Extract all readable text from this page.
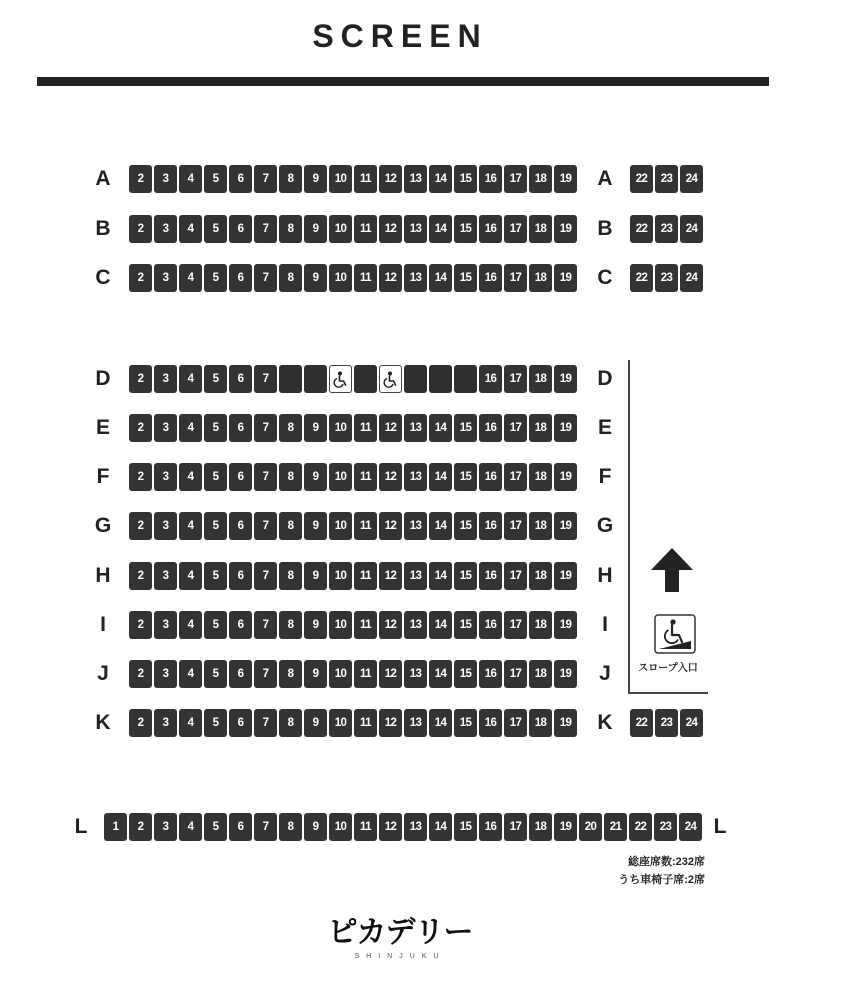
SCREEN
A	A
2	3	4	5	6	7	8	9	10	11	12	13	14	15	16	17	18	19	22	23	24
B	B
2	3	4	5	6	7	8	9	10	11	12	13	14	15	16	17	18	19	22	23	24
C	C
2	3	4	5	6	7	8	9	10	11	12	13	14	15	16	17	18	19	22	23	24
D	D
2	3	4	5	6	7	16	17	18	19
E	E
2	3	4	5	6	7	8	9	10	11	12	13	14	15	16	17	18	19
F	F
2	3	4	5	6	7	8	9	10	11	12	13	14	15	16	17	18	19
G	G
2	3	4	5	6	7	8	9	10	11	12	13	14	15	16	17	18	19
H	H
2	3	4	5	6	7	8	9	10	11	12	13	14	15	16	17	18	19
I	I
2	3	4	5	6	7	8	9	10	11	12	13	14	15	16	17	18	19
J	J
2	3	4	5	6	7	8	9	10	11	12	13	14	15	16	17	18	19
K	K
2	3	4	5	6	7	8	9	10	11	12	13	14	15	16	17	18	19	22	23	24
L	L
1	2	3	4	5	6	7	8	9	10	11	12	13	14	15	16	17	18	19	20	21	22	23	24
スロープ入口
総座席数:232席
うち車椅子席:2席
ピカデリー
SHINJUKU
